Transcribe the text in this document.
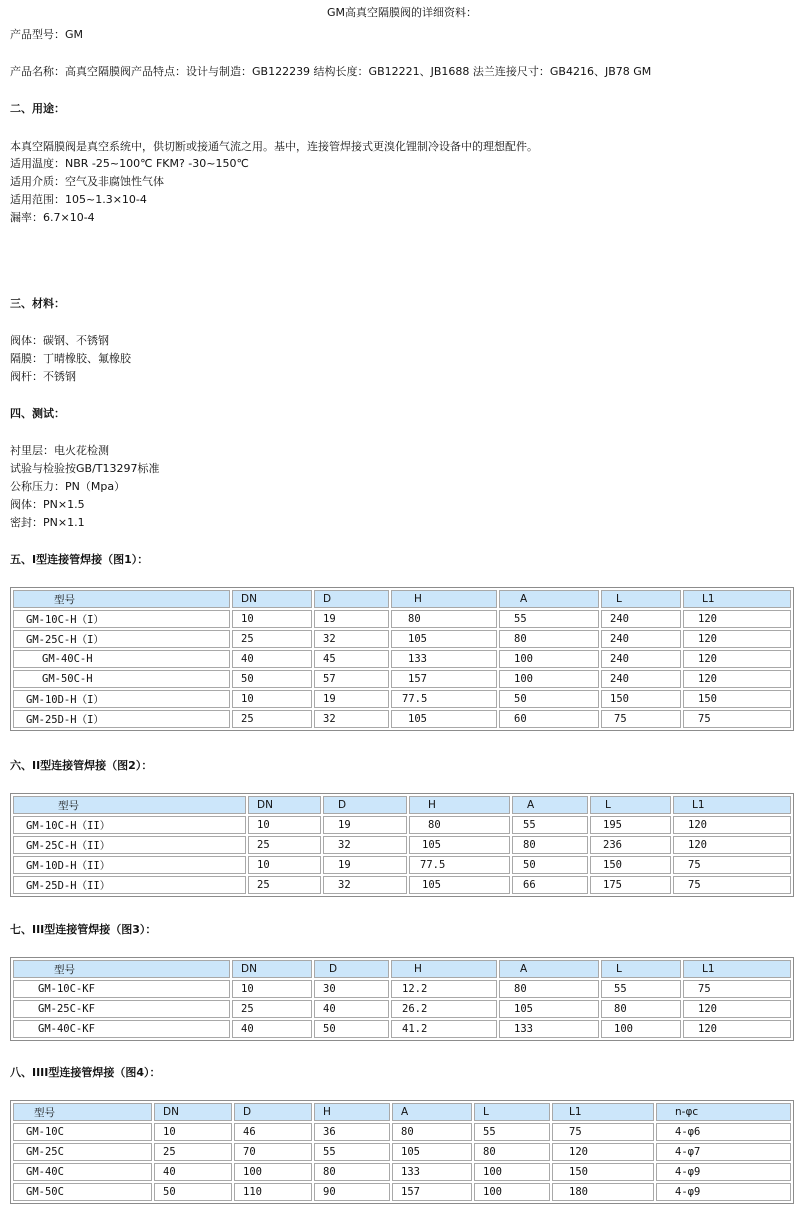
GM高真空隔膜阀的详细资料：
产品型号：GM
产品名称：高真空隔膜阀产品特点：设计与制造：GB122239 结构长度：GB12221、JB1688 法兰连接尺寸：GB4216、JB78 GM
二、用途：
本真空隔膜阀是真空系统中，供切断或接通气流之用。基中，连接管焊接式更溴化锂制冷设备中的理想配件。
适用温度：NBR -25~100℃ FKM? -30~150℃
适用介质：空气及非腐蚀性气体
适用范围：105~1.3×10-4
漏率：6.7×10-4
三、材料：
阀体：碳钢、不锈钢
隔膜：丁晴橡胶、氟橡胶
阀杆：不锈钢
四、测试：
衬里层：电火花检测
试验与检验按GB/T13297标准
公称压力：PN（Mpa）
阀体：PN×1.5
密封：PN×1.1
五、I型连接管焊接（图1）：
型号	DN	D	H	A	L	L1
GM-10C-H（I）	10	19	80	55	240	120
GM-25C-H（I）	25	32	105	80	240	120
GM-40C-H	40	45	133	100	240	120
GM-50C-H	50	57	157	100	240	120
GM-10D-H（I）	10	19	77.5	50	150	150
GM-25D-H（I）	25	32	105	60	75	75
六、II型连接管焊接（图2）：
型号	DN	D	H	A	L	L1
GM-10C-H（II）	10	19	80	55	195	120
GM-25C-H（II）	25	32	105	80	236	120
GM-10D-H（II）	10	19	77.5	50	150	75
GM-25D-H（II）	25	32	105	66	175	75
七、III型连接管焊接（图3）：
型号	DN	D	H	A	L	L1
GM-10C-KF	10	30	12.2	80	55	75
GM-25C-KF	25	40	26.2	105	80	120
GM-40C-KF	40	50	41.2	133	100	120
八、IIII型连接管焊接（图4）：
型号	DN	D	H	A	L	L1	n-φc
GM-10C	10	46	36	80	55	75	4-φ6
GM-25C	25	70	55	105	80	120	4-φ7
GM-40C	40	100	80	133	100	150	4-φ9
GM-50C	50	110	90	157	100	180	4-φ9
